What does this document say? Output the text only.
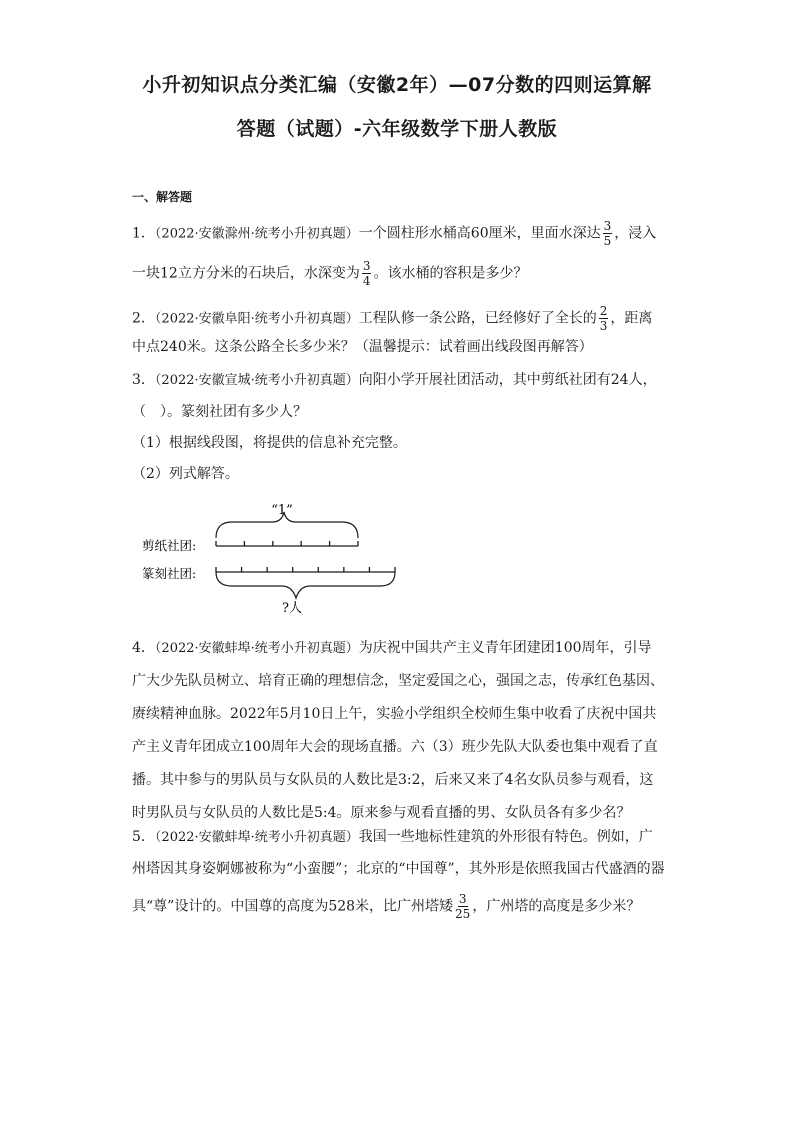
小升初知识点分类汇编（安徽2年）—07分数的四则运算解
答题（试题）-六年级数学下册人教版
一、解答题
1．（2022·安徽滁州·统考小升初真题）一个圆柱形水桶高60厘米，里面水深达 $\frac{3}{5}$ ，浸入
一块12立方分米的石块后，水深变为 $\frac{3}{4}$ 。该水桶的容积是多少？
2．（2022·安徽阜阳·统考小升初真题）工程队修一条公路，已经修好了全长的 $\frac{2}{3}$ ，距离
中点240米。这条公路全长多少米？（温馨提示：试着画出线段图再解答）
3．（2022·安徽宣城·统考小升初真题）向阳小学开展社团活动，其中剪纸社团有24人，
（　）。篆刻社团有多少人？
（1）根据线段图，将提供的信息补充完整。
（2）列式解答。
“1”
剪纸社团:
篆刻社团:
?人
4．（2022·安徽蚌埠·统考小升初真题）为庆祝中国共产主义青年团建团100周年，引导
广大少先队员树立、培育正确的理想信念，坚定爱国之心，强国之志，传承红色基因、
赓续精神血脉。2022年5月10日上午，实验小学组织全校师生集中收看了庆祝中国共
产主义青年团成立100周年大会的现场直播。六（3）班少先队大队委也集中观看了直
播。其中参与的男队员与女队员的人数比是3:2，后来又来了4名女队员参与观看，这
时男队员与女队员的人数比是5:4。原来参与观看直播的男、女队员各有多少名？
5．（2022·安徽蚌埠·统考小升初真题）我国一些地标性建筑的外形很有特色。例如，广
州塔因其身姿婀娜被称为“小蛮腰”；北京的“中国尊”，其外形是依照我国古代盛酒的器
具“尊”设计的。中国尊的高度为528米，比广州塔矮 $\frac{3}{25}$ ，广州塔的高度是多少米？
